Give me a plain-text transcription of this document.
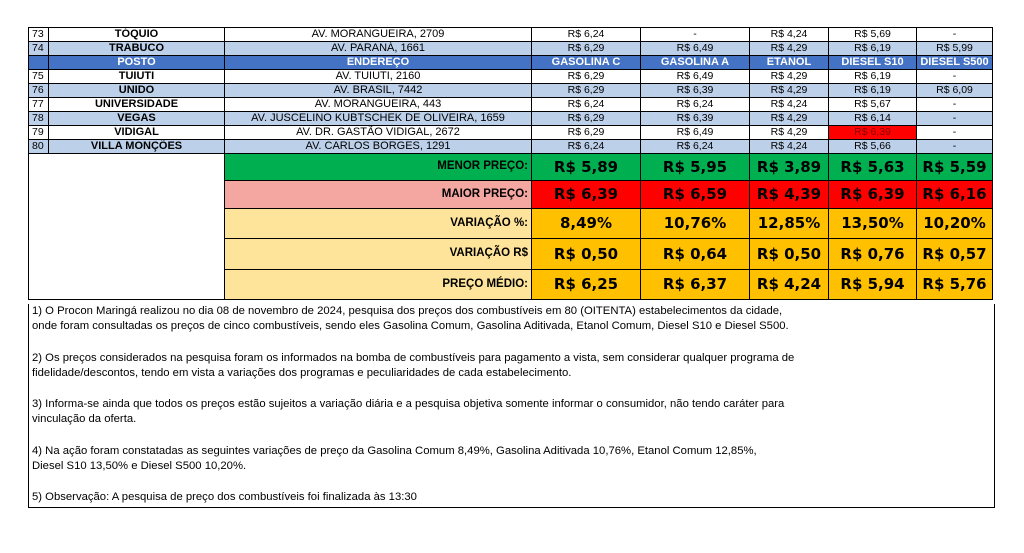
73	TÓQUIO	AV. MORANGUEIRA, 2709	R$ 6,24	-	R$ 4,24	R$ 5,69	-
74	TRABUCO	AV. PARANÁ, 1661	R$ 6,29	R$ 6,49	R$ 4,29	R$ 6,19	R$ 5,99
	POSTO	ENDEREÇO	GASOLINA C	GASOLINA A	ETANOL	DIESEL S10	DIESEL S500
75	TUIUTI	AV. TUIUTI, 2160	R$ 6,29	R$ 6,49	R$ 4,29	R$ 6,19	-
76	UNIDO	AV. BRASIL, 7442	R$ 6,29	R$ 6,39	R$ 4,29	R$ 6,19	R$ 6,09
77	UNIVERSIDADE	AV. MORANGUEIRA, 443	R$ 6,24	R$ 6,24	R$ 4,24	R$ 5,67	-
78	VEGAS	AV. JUSCELINO KUBTSCHEK DE OLIVEIRA, 1659	R$ 6,29	R$ 6,39	R$ 4,29	R$ 6,14	-
79	VIDIGAL	AV. DR. GASTÃO VIDIGAL, 2672	R$ 6,29	R$ 6,49	R$ 4,29	R$ 6,39	-
80	VILLA MONÇÕES	AV. CARLOS BORGES, 1291	R$ 6,24	R$ 6,24	R$ 4,24	R$ 5,66	-
		MENOR PREÇO:	R$ 5,89	R$ 5,95	R$ 3,89	R$ 5,63	R$ 5,59
		MAIOR PREÇO:	R$ 6,39	R$ 6,59	R$ 4,39	R$ 6,39	R$ 6,16
		VARIAÇÃO %:	8,49%	10,76%	12,85%	13,50%	10,20%
		VARIAÇÃO R$	R$ 0,50	R$ 0,64	R$ 0,50	R$ 0,76	R$ 0,57
		PREÇO MÉDIO:	R$ 6,25	R$ 6,37	R$ 4,24	R$ 5,94	R$ 5,76

1) O Procon Maringá realizou no dia 08 de novembro de 2024, pesquisa dos preços dos combustíveis em 80 (OITENTA) estabelecimentos da cidade,

onde foram consultadas os preços de cinco combustíveis, sendo eles Gasolina Comum, Gasolina Aditivada, Etanol Comum, Diesel S10 e Diesel S500.

2) Os preços considerados na pesquisa foram os informados na bomba de combustíveis para pagamento a vista, sem considerar qualquer programa de

fidelidade/descontos, tendo em vista a variações dos programas e peculiaridades de cada estabelecimento.

3) Informa-se ainda que todos os preços estão sujeitos a variação diária e a pesquisa objetiva somente informar o consumidor, não tendo caráter para

vinculação da oferta.

4) Na ação foram constatadas as seguintes variações de preço da Gasolina Comum 8,49%, Gasolina Aditivada 10,76%, Etanol Comum 12,85%,

Diesel S10 13,50% e Diesel S500 10,20%.

5) Observação: A pesquisa de preço dos combustíveis foi finalizada às 13:30
